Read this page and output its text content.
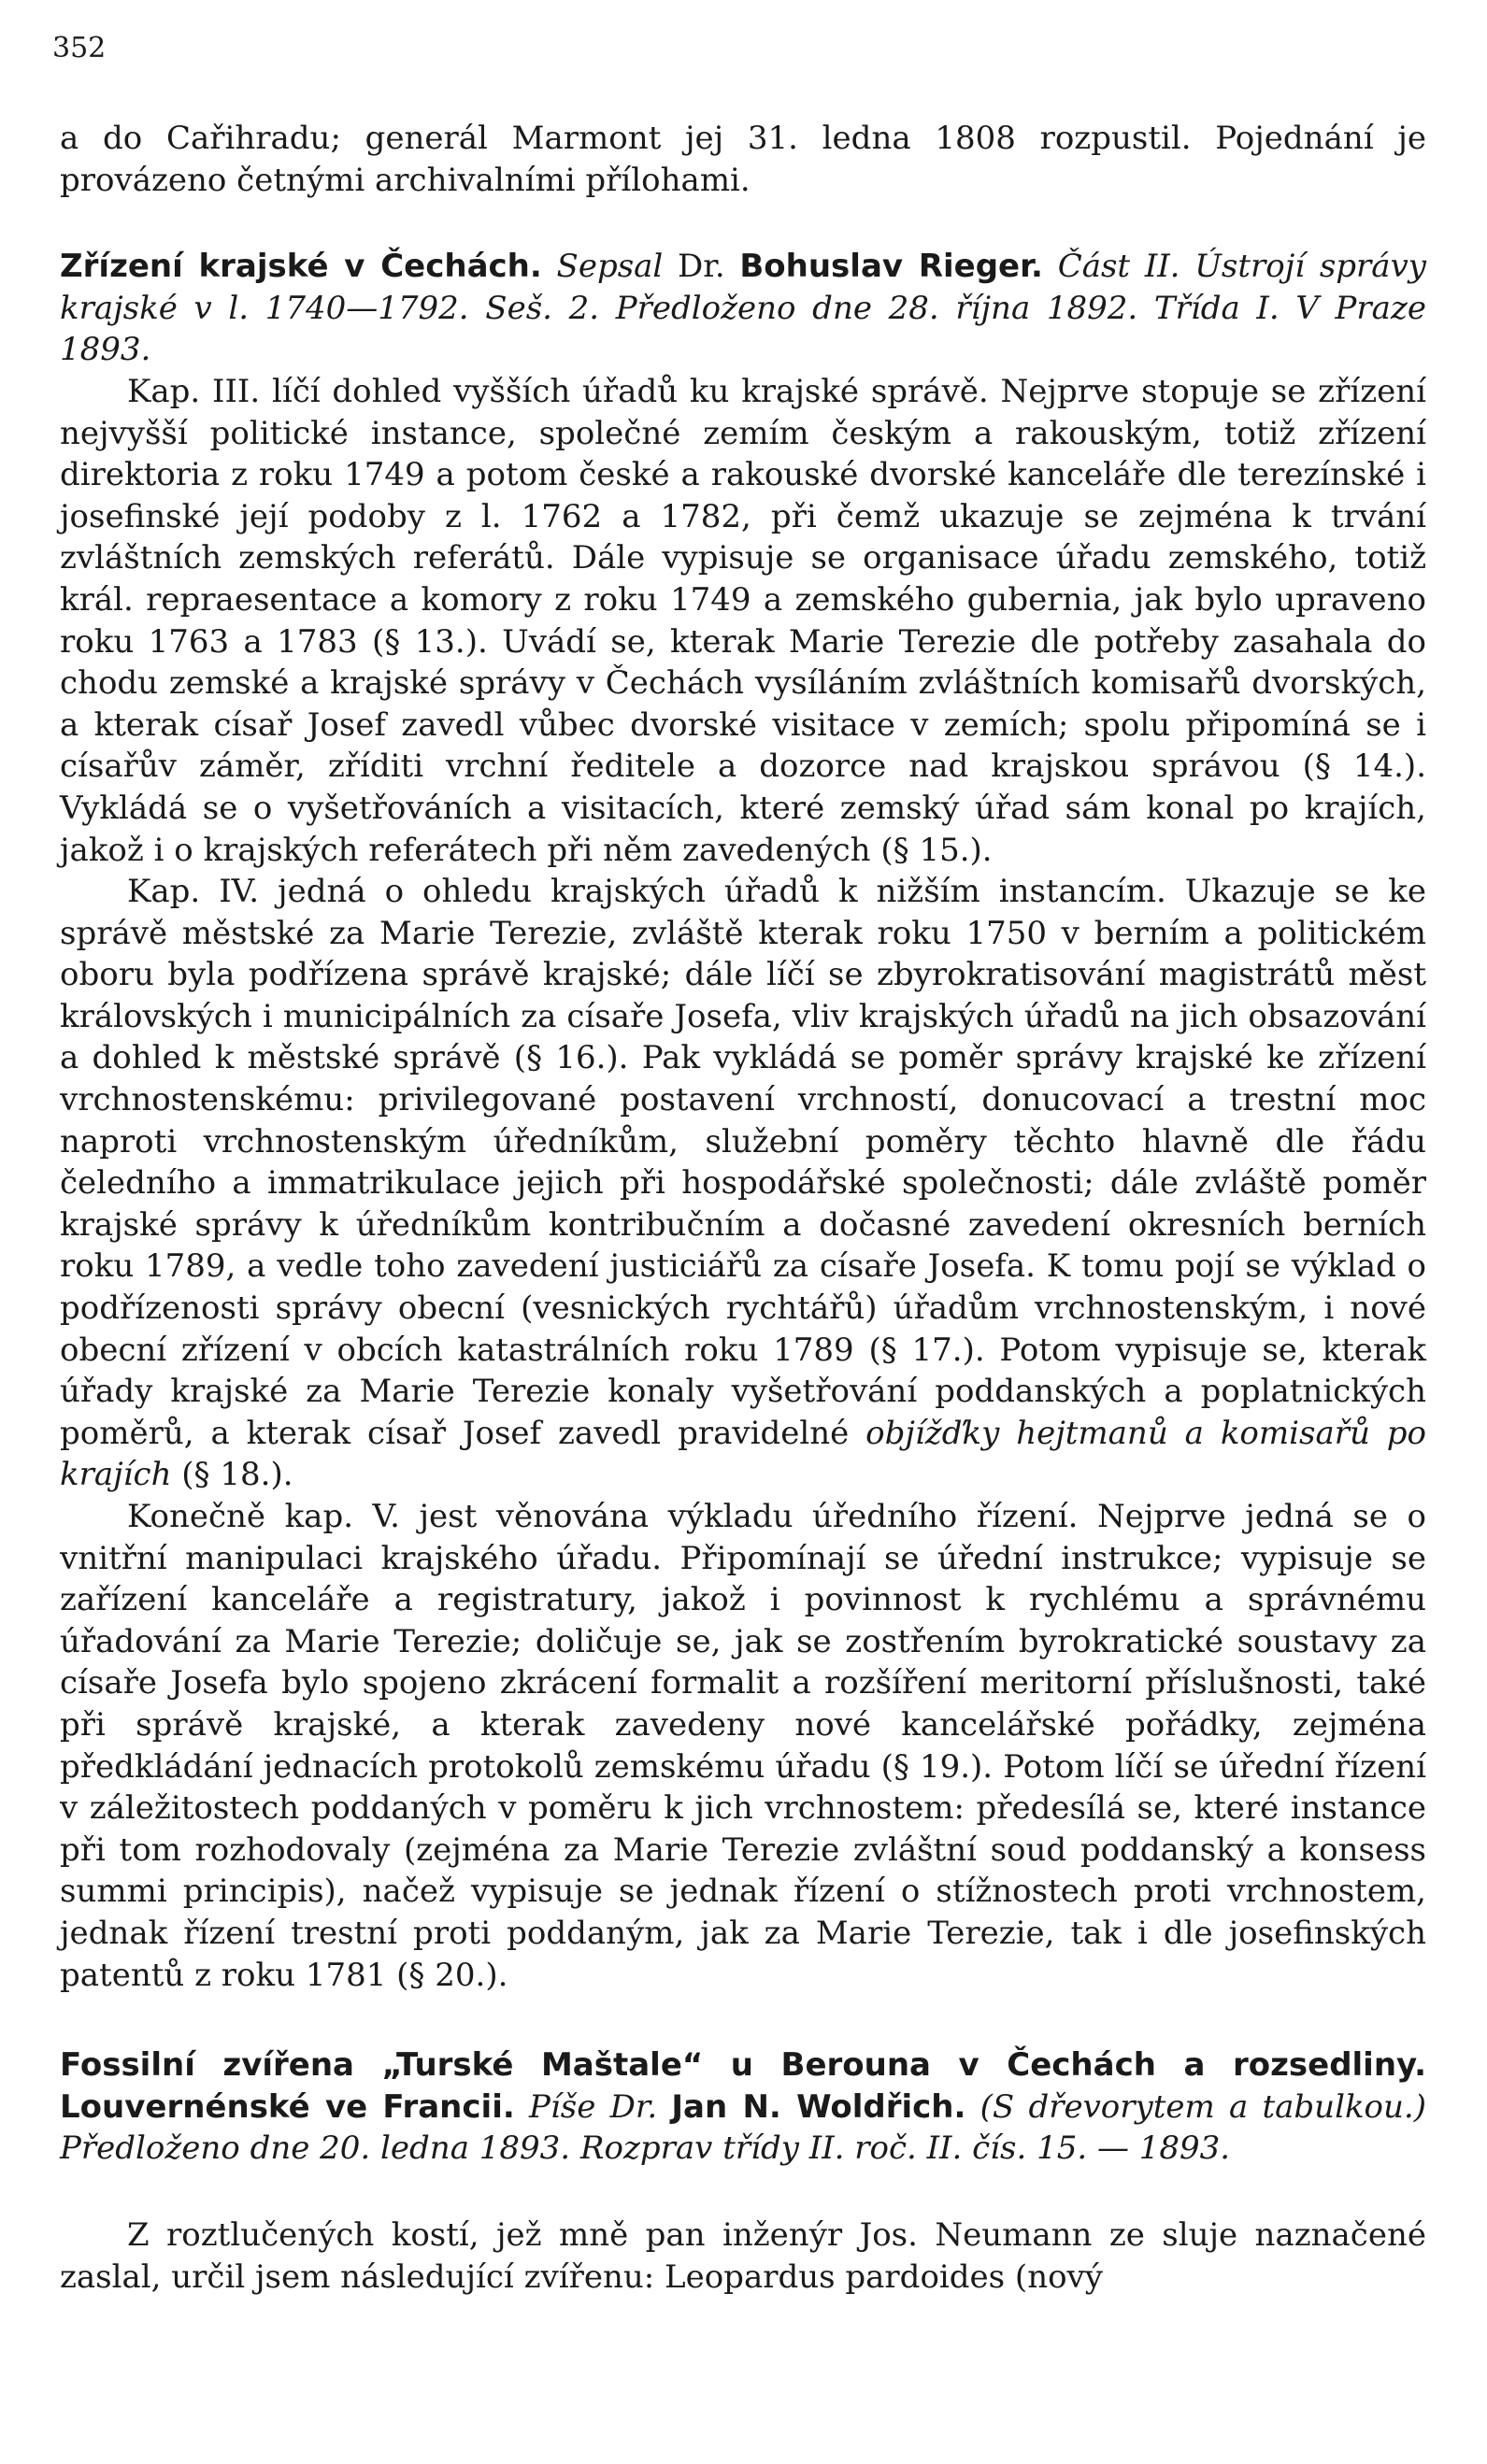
352

a do Cařihradu; generál Marmont jej 31. ledna 1808 rozpustil. Pojednání je provázeno četnými archivalními přílohami.

Zřízení krajské v Čechách. Sepsal Dr. Bohuslav Rieger. Část II. Ústrojí správy krajské v l. 1740—1792. Seš. 2. Předloženo dne 28. října 1892. Třída I. V Praze 1893.

Kap. III. líčí dohled vyšších úřadů ku krajské správě. Nejprve stopuje se zřízení nejvyšší politické instance, společné zemím českým a rakouským, totiž zřízení direktoria z roku 1749 a potom české a rakouské dvorské kanceláře dle terezínské i josefinské její podoby z l. 1762 a 1782, při čemž ukazuje se zejména k trvání zvláštních zemských referátů. Dále vypisuje se organisace úřadu zemského, totiž král. repraesentace a komory z roku 1749 a zemského gubernia, jak bylo upraveno roku 1763 a 1783 (§ 13.). Uvádí se, kterak Marie Terezie dle potřeby zasahala do chodu zemské a krajské správy v Čechách vysíláním zvláštních komisařů dvorských, a kterak císař Josef zavedl vůbec dvorské visitace v zemích; spolu připomíná se i císařův záměr, zříditi vrchní ředitele a dozorce nad krajskou správou (§ 14.). Vykládá se o vyšetřováních a visitacích, které zemský úřad sám konal po krajích, jakož i o krajských referátech při něm zavedených (§ 15.).

Kap. IV. jedná o ohledu krajských úřadů k nižším instancím. Ukazuje se ke správě městské za Marie Terezie, zvláště kterak roku 1750 v berním a politickém oboru byla podřízena správě krajské; dále líčí se zbyrokratisování magistrátů měst královských i municipálních za císaře Josefa, vliv krajských úřadů na jich obsazování a dohled k městské správě (§ 16.). Pak vykládá se poměr správy krajské ke zřízení vrchnostenskému: privilegované postavení vrchností, donucovací a trestní moc naproti vrchnostenským úředníkům, služební poměry těchto hlavně dle řádu čeledního a immatrikulace jejich při hospodářské společnosti; dále zvláště poměr krajské správy k úředníkům kontribučním a dočasné zavedení okresních berních roku 1789, a vedle toho zavedení justiciářů za císaře Josefa. K tomu pojí se výklad o podřízenosti správy obecní (vesnických rychtářů) úřadům vrchnostenským, i nové obecní zřízení v obcích katastrálních roku 1789 (§ 17.). Potom vypisuje se, kterak úřady krajské za Marie Terezie konaly vyšetřování poddanských a poplatnických poměrů, a kterak císař Josef zavedl pravidelné objížďky hejtmanů a komisařů po krajích (§ 18.).

Konečně kap. V. jest věnována výkladu úředního řízení. Nejprve jedná se o vnitřní manipulaci krajského úřadu. Připomínají se úřední instrukce; vypisuje se zařízení kanceláře a registratury, jakož i povinnost k rychlému a správnému úřadování za Marie Terezie; doličuje se, jak se zostřením byrokratické soustavy za císaře Josefa bylo spojeno zkrácení formalit a rozšíření meritorní příslušnosti, také při správě krajské, a kterak zavedeny nové kancelářské pořádky, zejména předkládání jednacích protokolů zemskému úřadu (§ 19.). Potom líčí se úřední řízení v záležitostech poddaných v poměru k jich vrchnostem: předesílá se, které instance při tom rozhodovaly (zejména za Marie Terezie zvláštní soud poddanský a konsess summi principis), načež vypisuje se jednak řízení o stížnostech proti vrchnostem, jednak řízení trestní proti poddaným, jak za Marie Terezie, tak i dle josefinských patentů z roku 1781 (§ 20.).

Fossilní zvířena „Turské Maštale“ u Berouna v Čechách a rozsedliny. Louvernénské ve Francii. Píše Dr. Jan N. Woldřich. (S dřevorytem a tabulkou.) Předloženo dne 20. ledna 1893. Rozprav třídy II. roč. II. čís. 15. — 1893.

Z roztlučených kostí, jež mně pan inženýr Jos. Neumann ze sluje naznačené zaslal, určil jsem následující zvířenu: Leopardus pardoides (nový
